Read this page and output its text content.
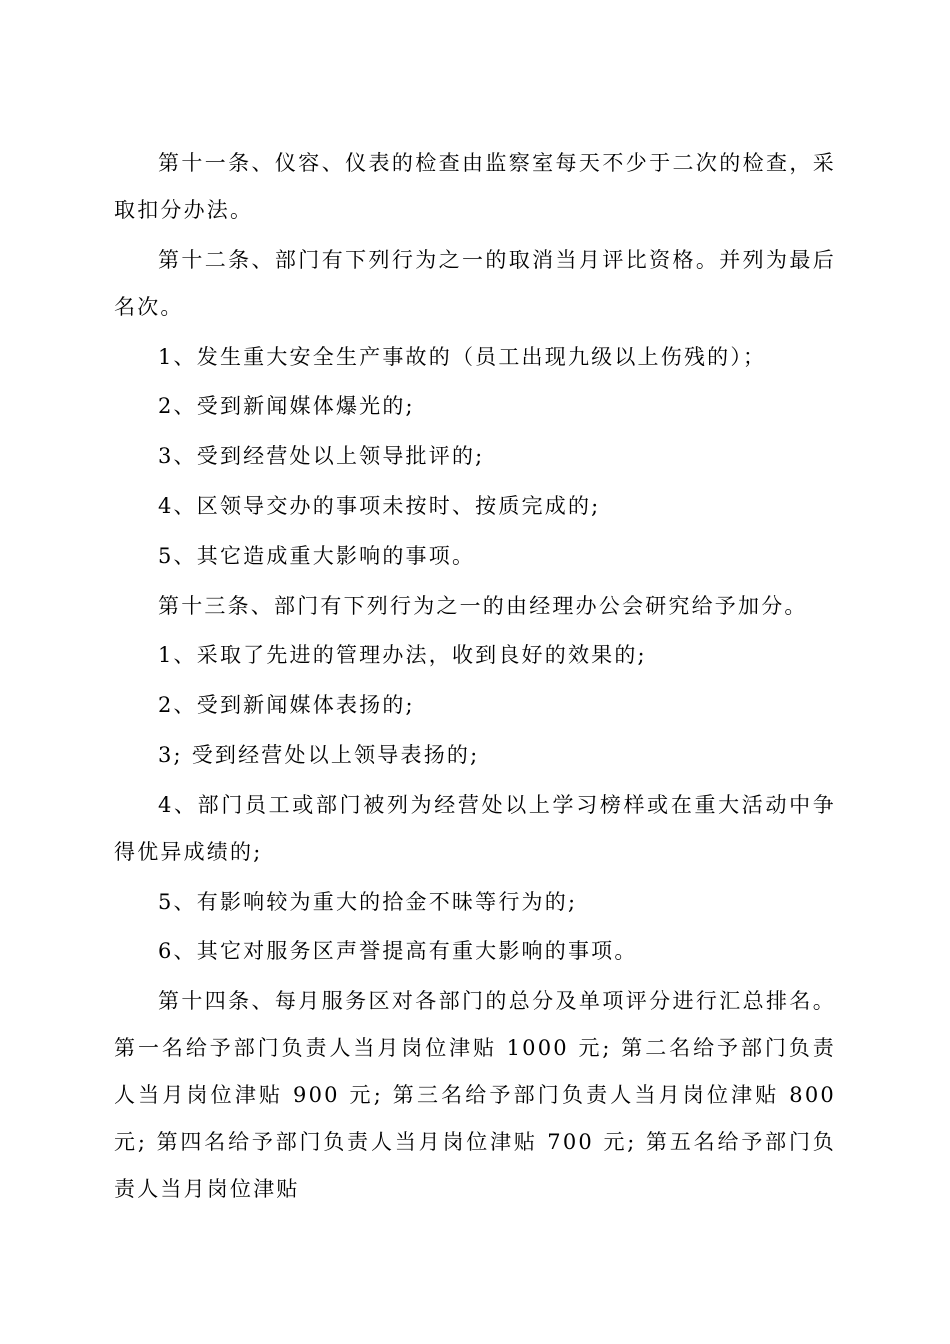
第十一条、仪容、仪表的检查由监察室每天不少于二次的检查，采取扣分办法。

第十二条、部门有下列行为之一的取消当月评比资格。并列为最后名次。

1、发生重大安全生产事故的（员工出现九级以上伤残的）；

2、受到新闻媒体爆光的;

3、受到经营处以上领导批评的;

4、区领导交办的事项未按时、按质完成的;

5、其它造成重大影响的事项。

第十三条、部门有下列行为之一的由经理办公会研究给予加分。

1、采取了先进的管理办法，收到良好的效果的;

2、受到新闻媒体表扬的;

3; 受到经营处以上领导表扬的;

4、部门员工或部门被列为经营处以上学习榜样或在重大活动中争得优异成绩的;

5、有影响较为重大的拾金不昧等行为的;

6、其它对服务区声誉提高有重大影响的事项。

第十四条、每月服务区对各部门的总分及单项评分进行汇总排名。第一名给予部门负责人当月岗位津贴 1000 元; 第二名给予部门负责人当月岗位津贴 900 元; 第三名给予部门负责人当月岗位津贴 800 元; 第四名给予部门负责人当月岗位津贴 700 元; 第五名给予部门负责人当月岗位津贴
